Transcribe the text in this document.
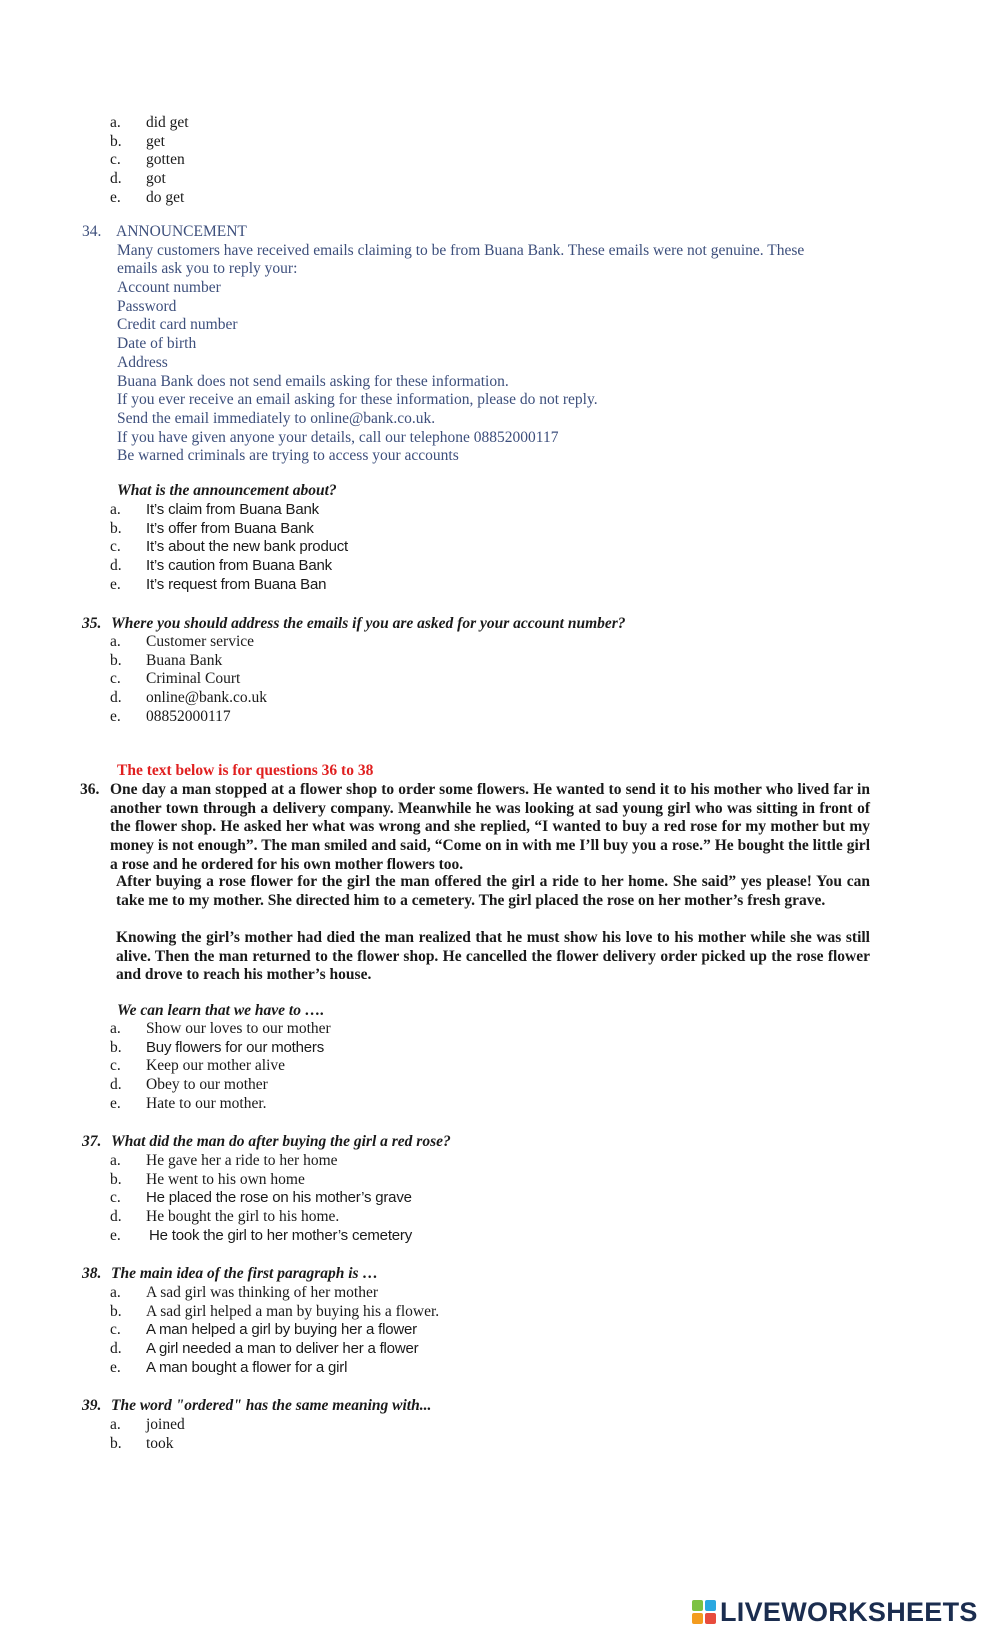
a. did get
b. get
c. gotten
d. got
e. do get
34. ANNOUNCEMENT
Many customers have received emails claiming to be from Buana Bank. These emails were not genuine. These
emails ask you to reply your:
Account number
Password
Credit card number
Date of birth
Address
Buana Bank does not send emails asking for these information.
If you ever receive an email asking for these information, please do not reply.
Send the email immediately to online@bank.co.uk.
If you have given anyone your details, call our telephone 08852000117
Be warned criminals are trying to access your accounts
What is the announcement about?
a. It’s claim from Buana Bank
b. It’s offer from Buana Bank
c. It’s about the new bank product
d. It’s caution from Buana Bank
e. It’s request from Buana Ban
35. Where you should address the emails if you are asked for your account number?
a. Customer service
b. Buana Bank
c. Criminal Court
d. online@bank.co.uk
e. 08852000117
The text below is for questions 36 to 38
36. One day a man stopped at a flower shop to order some flowers. He wanted to send it to his mother who lived far in another town through a delivery company. Meanwhile he was looking at sad young girl who was sitting in front of the flower shop. He asked her what was wrong and she replied, “I wanted to buy a red rose for my mother but my money is not enough”. The man smiled and said, “Come on in with me I’ll buy you a rose.” He bought the little girl a rose and he ordered for his own mother flowers too.
After buying a rose flower for the girl the man offered the girl a ride to her home. She said” yes please! You can take me to my mother. She directed him to a cemetery. The girl placed the rose on her mother’s fresh grave.
Knowing the girl’s mother had died the man realized that he must show his love to his mother while she was still alive. Then the man returned to the flower shop. He cancelled the flower delivery order picked up the rose flower and drove to reach his mother’s house.
We can learn that we have to ….
a. Show our loves to our mother
b. Buy flowers for our mothers
c. Keep our mother alive
d. Obey to our mother
e. Hate to our mother.
37. What did the man do after buying the girl a red rose?
a. He gave her a ride to her home
b. He went to his own home
c. He placed the rose on his mother’s grave
d. He bought the girl to his home.
e. He took the girl to her mother’s cemetery
38. The main idea of the first paragraph is …
a. A sad girl was thinking of her mother
b. A sad girl helped a man by buying his a flower.
c. A man helped a girl by buying her a flower
d. A girl needed a man to deliver her a flower
e. A man bought a flower for a girl
39. The word "ordered" has the same meaning with...
a. joined
b. took
LIVEWORKSHEETS
